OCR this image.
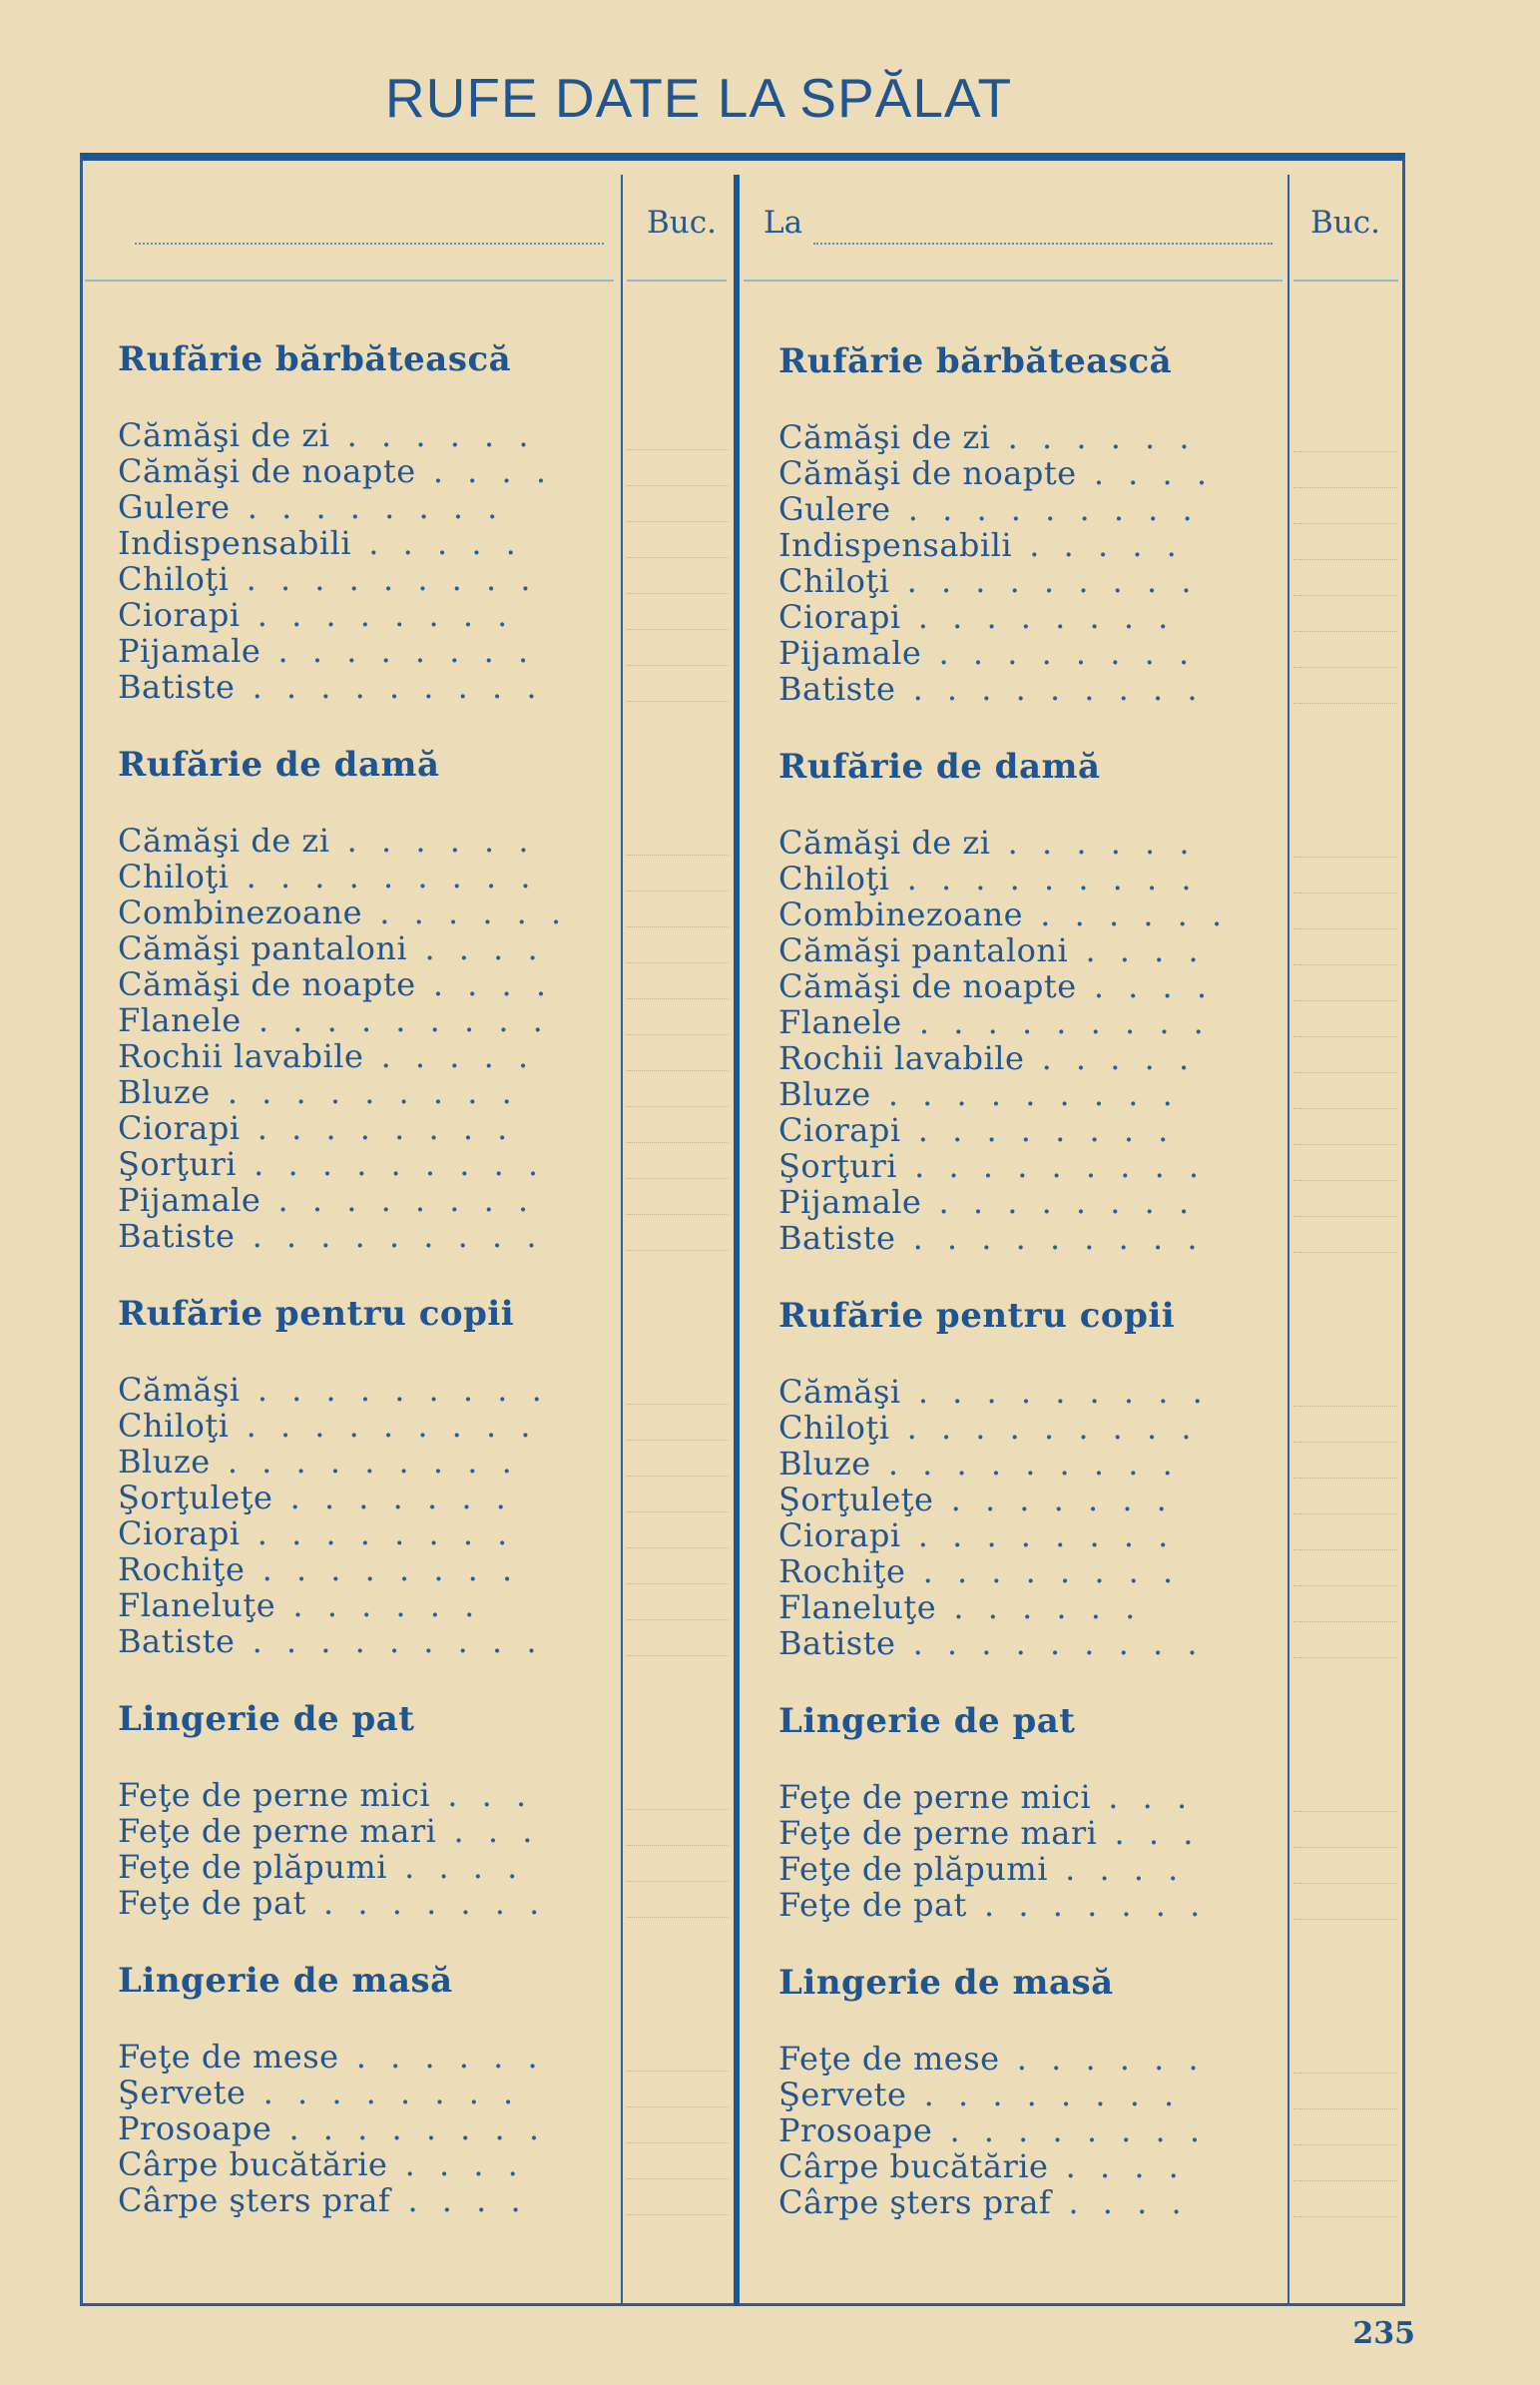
RUFE DATE LA SPĂLAT
Buc. La	Buc.
Rufărie bărbătească
Cămăşi de zi . . . . . .
Cămăşi de noapte . . . .
Gulere . . . . . . . .
Indispensabili . . . . .
Chiloţi . . . . . . . . .
Ciorapi . . . . . . . .
Pijamale . . . . . . . .
Batiste . . . . . . . . .
Rufărie de damă
Cămăşi de zi . . . . . .
Chiloţi . . . . . . . . .
Combinezoane . . . . . .
Cămăşi pantaloni . . . .
Cămăşi de noapte . . . .
Flanele . . . . . . . . .
Rochii lavabile . . . . .
Bluze . . . . . . . . .
Ciorapi . . . . . . . .
Şorţuri . . . . . . . . .
Pijamale . . . . . . . .
Batiste . . . . . . . . .
Rufărie pentru copii
Cămăşi . . . . . . . . .
Chiloţi . . . . . . . . .
Bluze . . . . . . . . .
Şorţuleţe . . . . . . .
Ciorapi . . . . . . . .
Rochiţe . . . . . . . .
Flaneluţe . . . . . .
Batiste . . . . . . . . .
Lingerie de pat
Feţe de perne mici . . .
Feţe de perne mari . . .
Feţe de plăpumi . . . .
Feţe de pat . . . . . . .
Lingerie de masă
Feţe de mese . . . . . .
Şervete . . . . . . . .
Prosoape . . . . . . . .
Cârpe bucătărie . . . .
Cârpe şters praf . . . .
Rufărie bărbătească
Cămăşi de zi . . . . . .
Cămăşi de noapte . . . .
Gulere . . . . . . . . .
Indispensabili . . . . .
Chiloţi . . . . . . . . .
Ciorapi . . . . . . . .
Pijamale . . . . . . . .
Batiste . . . . . . . . .
Rufărie de damă
Cămăşi de zi . . . . . .
Chiloţi . . . . . . . . .
Combinezoane . . . . . .
Cămăşi pantaloni . . . .
Cămăşi de noapte . . . .
Flanele . . . . . . . . .
Rochii lavabile . . . . .
Bluze . . . . . . . . .
Ciorapi . . . . . . . .
Şorţuri . . . . . . . . .
Pijamale . . . . . . . .
Batiste . . . . . . . . .
Rufărie pentru copii
Cămăşi . . . . . . . . .
Chiloţi . . . . . . . . .
Bluze . . . . . . . . .
Şorţuleţe . . . . . . .
Ciorapi . . . . . . . .
Rochiţe . . . . . . . .
Flaneluţe . . . . . .
Batiste . . . . . . . . .
Lingerie de pat
Feţe de perne mici . . .
Feţe de perne mari . . .
Feţe de plăpumi . . . .
Feţe de pat . . . . . . .
Lingerie de masă
Feţe de mese . . . . . .
Şervete . . . . . . . .
Prosoape . . . . . . . .
Cârpe bucătărie . . . .
Cârpe şters praf . . . .
235
